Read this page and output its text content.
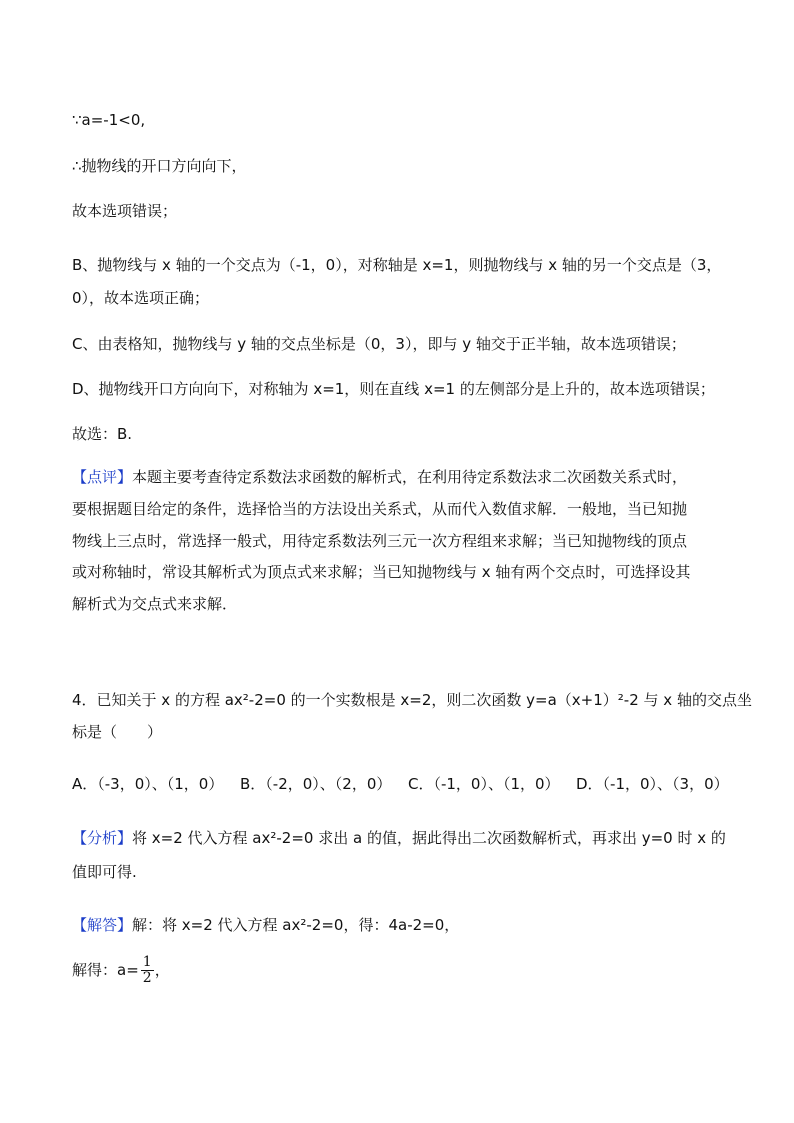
∵a=-1<0,
∴抛物线的开口方向向下，
故本选项错误；
B、抛物线与 x 轴的一个交点为（-1，0），对称轴是 x=1，则抛物线与 x 轴的另一个交点是（3，
0），故本选项正确；
C、由表格知，抛物线与 y 轴的交点坐标是（0，3），即与 y 轴交于正半轴，故本选项错误；
D、抛物线开口方向向下，对称轴为 x=1，则在直线 x=1 的左侧部分是上升的，故本选项错误；
故选：B.
【点评】本题主要考查待定系数法求函数的解析式，在利用待定系数法求二次函数关系式时，
要根据题目给定的条件，选择恰当的方法设出关系式，从而代入数值求解．一般地，当已知抛
物线上三点时，常选择一般式，用待定系数法列三元一次方程组来求解；当已知抛物线的顶点
或对称轴时，常设其解析式为顶点式来求解；当已知抛物线与 x 轴有两个交点时，可选择设其
解析式为交点式来求解．
4．已知关于 x 的方程 ax²-2=0 的一个实数根是 x=2，则二次函数 y=a（x+1）²-2 与 x 轴的交点坐
标是（　　）
A．（-3，0）、（1，0） B．（-2，0）、（2，0） C．（-1，0）、（1，0） D．（-1，0）、（3，0）
【分析】将 x=2 代入方程 ax²-2=0 求出 a 的值，据此得出二次函数解析式，再求出 y=0 时 x 的
值即可得.
【解答】解：将 x=2 代入方程 ax²-2=0，得：4a-2=0，
解得：$a= \frac{1}{2}$ ，
